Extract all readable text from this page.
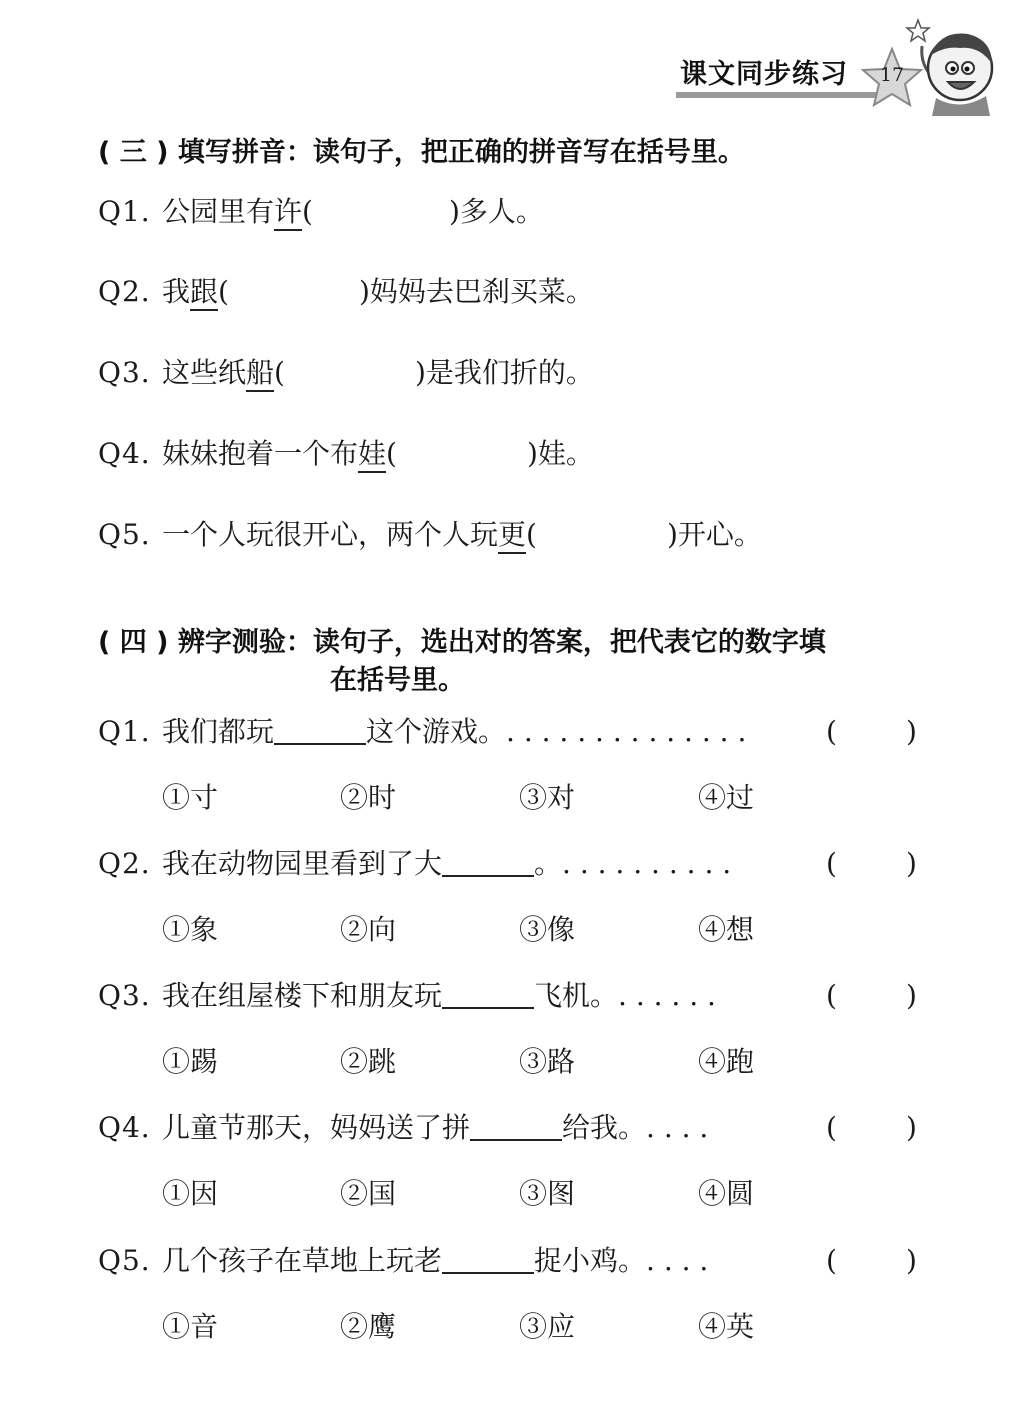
课文同步练习	17
( 三 ) 填写拼音：读句子，把正确的拼音写在括号里。
Q1. 公园里有许(	)多人。
Q2. 我跟(	)妈妈去巴刹买菜。
Q3. 这些纸船(	)是我们折的。
Q4. 妹妹抱着一个布娃(	)娃。
Q5. 一个人玩很开心，两个人玩更(	)开心。
( 四 ) 辨字测验：读句子，选出对的答案，把代表它的数字填
在括号里。
Q1. 我们都玩	这个游戏。. . . . . . . . . . . . . .	( )
①寸	②时	③对	④过
Q2. 我在动物园里看到了大	。. . . . . . . . . .	( )
①象	②向	③像	④想
Q3. 我在组屋楼下和朋友玩	飞机。. . . . . .	( )
①踢	②跳	③路	④跑
Q4. 儿童节那天，妈妈送了拼	给我。. . . .	( )
①因	②国	③图	④圆
Q5. 几个孩子在草地上玩老	捉小鸡。. . . .	( )
①音	②鹰	③应	④英
